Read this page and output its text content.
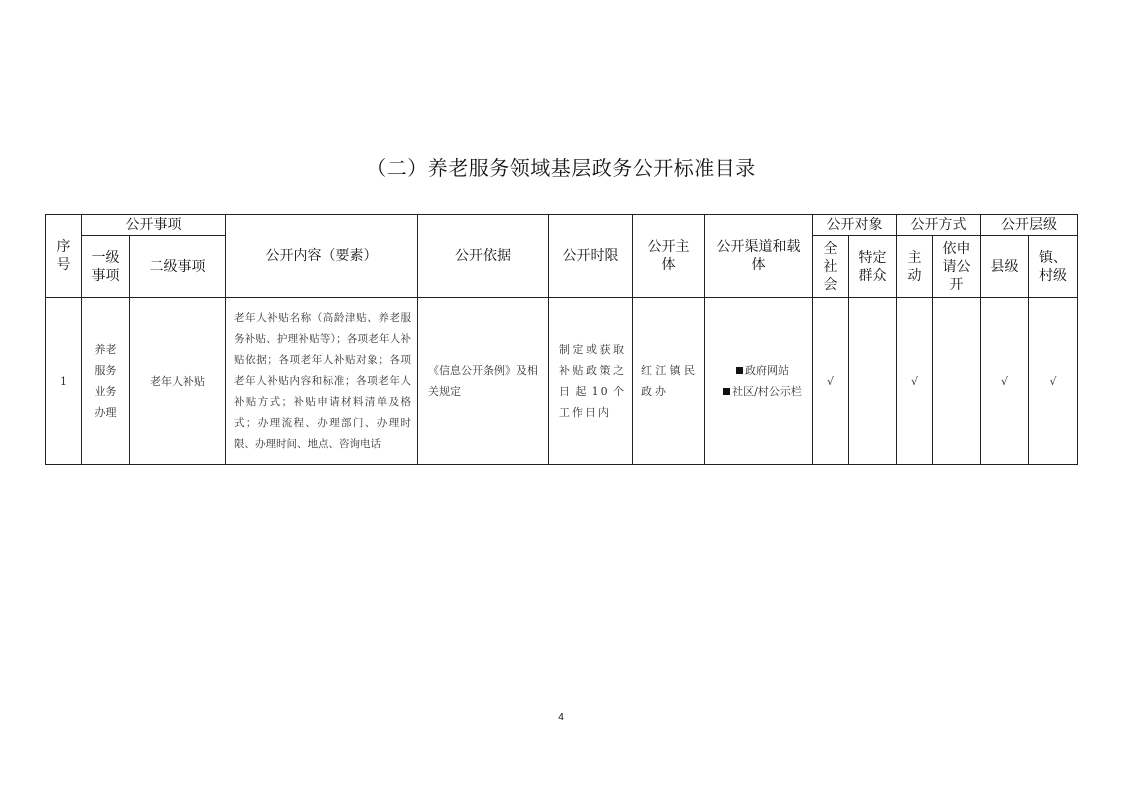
（二）养老服务领域基层政务公开标准目录
序号	公开事项		公开内容（要素）	公开依据	公开时限	公开主体	公开渠道和载体	公开对象		公开方式		公开层级	
	一级事项	二级事项						全社会	特定群众	主动	依申请公开	县级	镇、村级
1	养老服务业务办理	老年人补贴	老年人补贴名称（高龄津贴、养老服务补贴、护理补贴等）；各项老年人补贴依据；各项老年人补贴对象；各项老年人补贴内容和标准；各项老年人补贴方式；补贴申请材料清单及格式；办理流程、办理部门、办理时限、办理时间、地点、咨询电话	《信息公开条例》及相关规定	制定或获取补贴政策之日起10个工作日内	红江镇民政办	政府网站
社区/村公示栏	√		√		√	√
4
